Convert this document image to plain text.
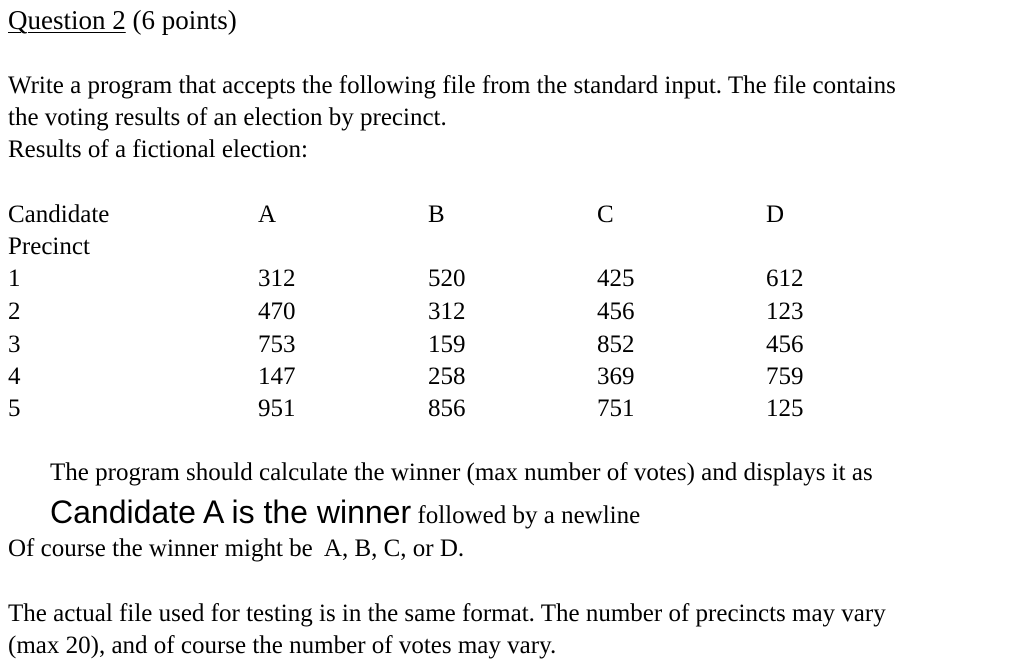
Question 2 (6 points)
Write a program that accepts the following file from the standard input. The file contains
the voting results of an election by precinct.
Results of a fictional election:
Candidate	A	B	C	D
Precinct
1	312	520	425	612
2	470	312	456	123
3	753	159	852	456
4	147	258	369	759
5	951	856	751	125
The program should calculate the winner (max number of votes) and displays it as
Candidate A is the winner followed by a newline
Of course the winner might be  A, B, C, or D.
The actual file used for testing is in the same format. The number of precincts may vary
(max 20), and of course the number of votes may vary.
